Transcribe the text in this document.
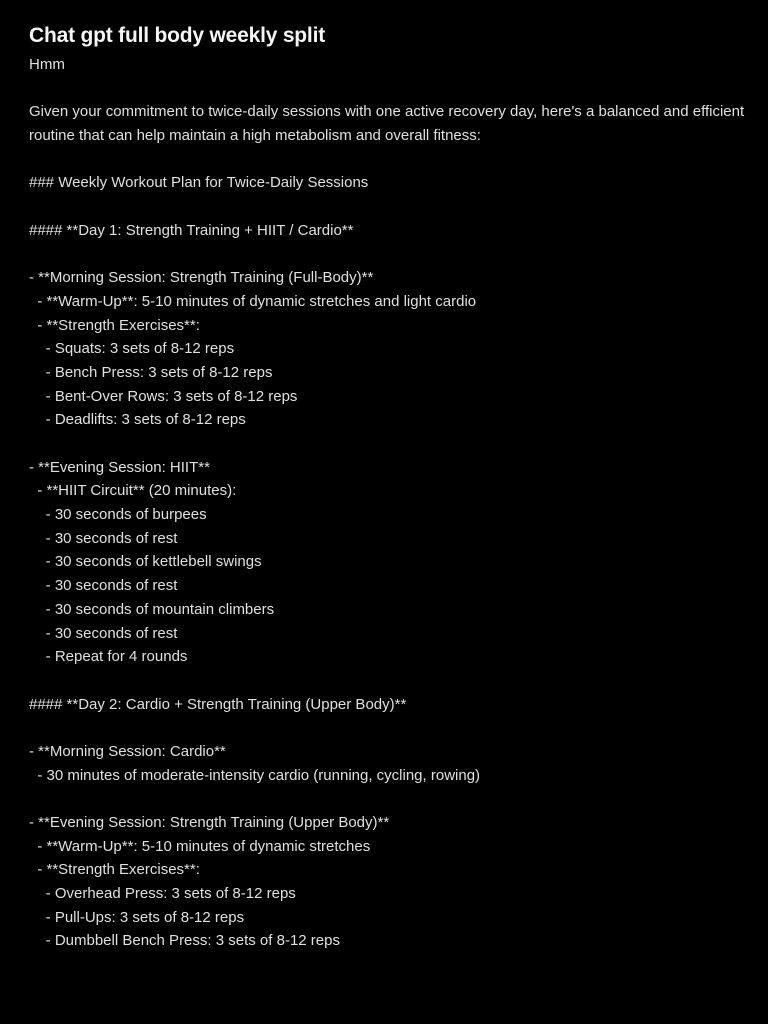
Chat gpt full body weekly split
Hmm
Given your commitment to twice-daily sessions with one active recovery day, here's a balanced and efficient routine that can help maintain a high metabolism and overall fitness:
### Weekly Workout Plan for Twice-Daily Sessions
#### **Day 1: Strength Training + HIIT / Cardio**
- **Morning Session: Strength Training (Full-Body)**
- **Warm-Up**: 5-10 minutes of dynamic stretches and light cardio
- **Strength Exercises**:
- Squats: 3 sets of 8-12 reps
- Bench Press: 3 sets of 8-12 reps
- Bent-Over Rows: 3 sets of 8-12 reps
- Deadlifts: 3 sets of 8-12 reps
- **Evening Session: HIIT**
- **HIIT Circuit** (20 minutes):
- 30 seconds of burpees
- 30 seconds of rest
- 30 seconds of kettlebell swings
- 30 seconds of rest
- 30 seconds of mountain climbers
- 30 seconds of rest
- Repeat for 4 rounds
#### **Day 2: Cardio + Strength Training (Upper Body)**
- **Morning Session: Cardio**
- 30 minutes of moderate-intensity cardio (running, cycling, rowing)
- **Evening Session: Strength Training (Upper Body)**
- **Warm-Up**: 5-10 minutes of dynamic stretches
- **Strength Exercises**:
- Overhead Press: 3 sets of 8-12 reps
- Pull-Ups: 3 sets of 8-12 reps
- Dumbbell Bench Press: 3 sets of 8-12 reps
